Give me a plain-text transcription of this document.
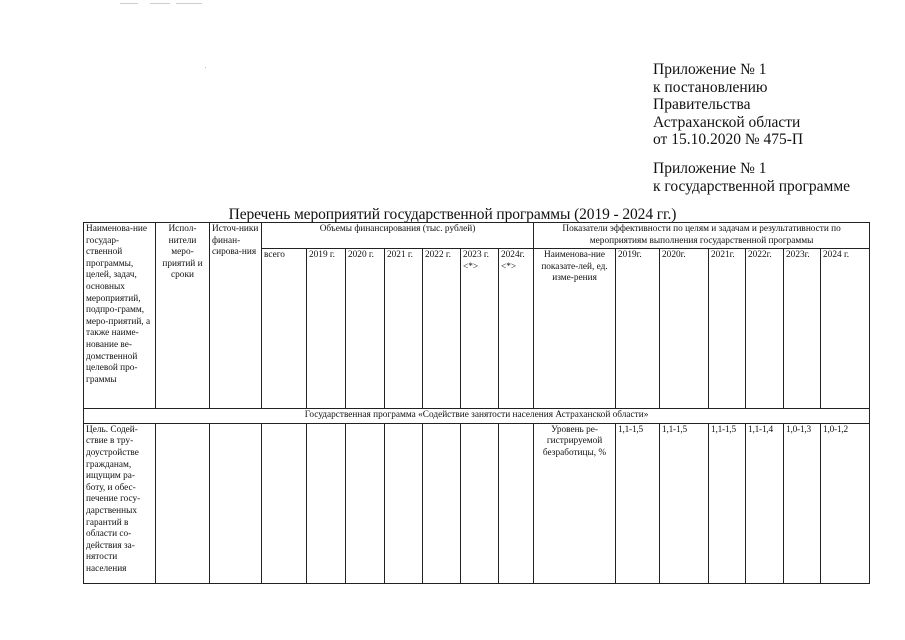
Приложение № 1
к постановлению
Правительства
Астраханской области
от 15.10.2020 № 475-П
Приложение № 1
к государственной программе
Перечень мероприятий государственной программы (2019 - 2024 гг.)
Наименова-ние государ-ственной программы, целей, задач, основных мероприятий, подпро-грамм, меро-приятий, а также наиме-нование ве-домственной целевой про-граммы	Испол-нители меро-приятий и сроки	Источ-ники финан-сирова-ния	Объемы финансирования (тыс. рублей)							Показатели эффективности по целям и задачам и результативности по мероприятиям выполнения государственной программы						
			всего	2019 г.	2020 г.	2021 г.	2022 г.	2023 г. <*>	2024г. <*>	Наименова-ние показате-лей, ед. изме-рения	2019г.	2020г.	2021г.	2022г.	2023г.	2024 г.
Государственная программа «Содействие занятости населения Астраханской области»																
Цель. Содей-ствие в тру-доустройстве гражданам, ищущим ра-боту, и обес-печение госу-дарственных гарантий в области со-действия за-нятости населения										Уровень ре-гистрируемой безработицы, %	1,1-1,5	1,1-1,5	1,1-1,5	1,1-1,4	1,0-1,3	1,0-1,2
